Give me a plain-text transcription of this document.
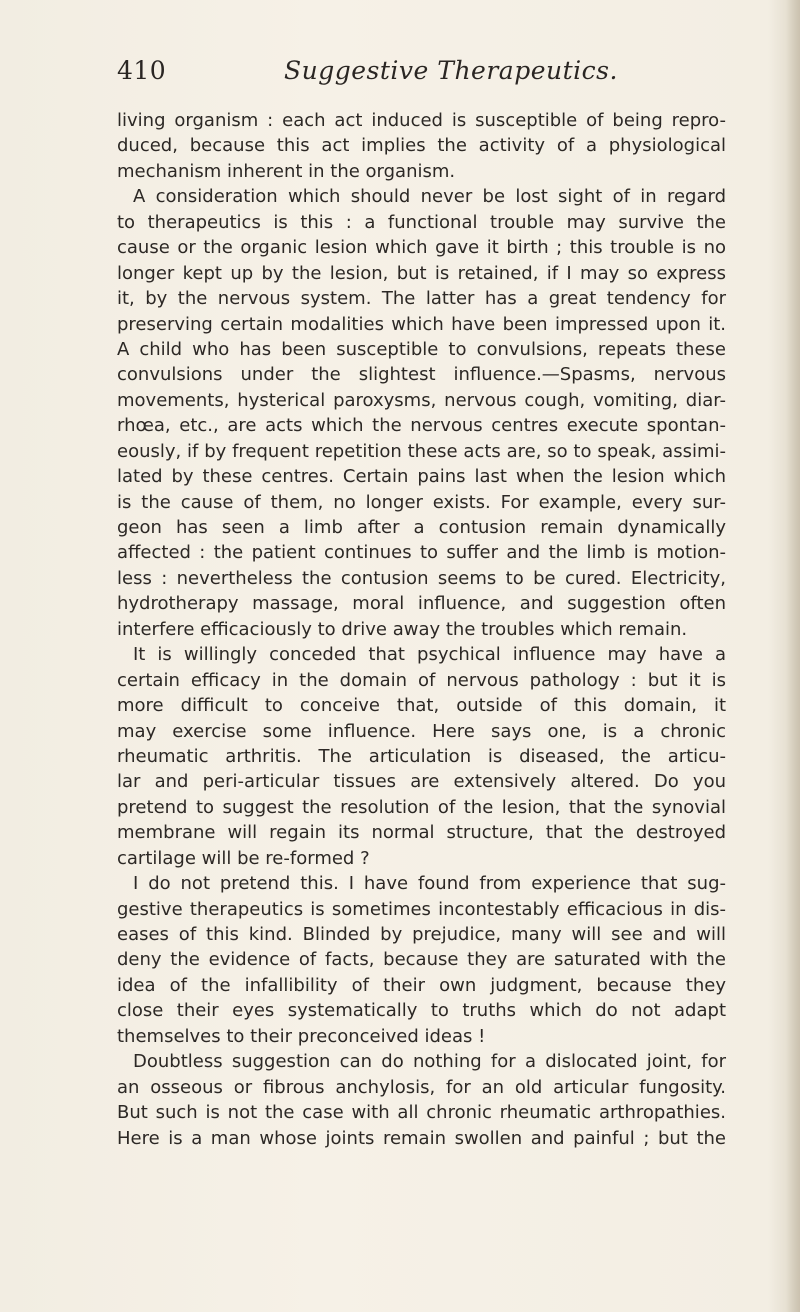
410	Suggestive Therapeutics.
living organism : each act induced is susceptible of being repro-
duced, because this act implies the activity of a physiological
mechanism inherent in the organism.
A consideration which should never be lost sight of in regard
to therapeutics is this : a functional trouble may survive the
cause or the organic lesion which gave it birth ; this trouble is no
longer kept up by the lesion, but is retained, if I may so express
it, by the nervous system. The latter has a great tendency for
preserving certain modalities which have been impressed upon it.
A child who has been susceptible to convulsions, repeats these
convulsions under the slightest influence.—Spasms, nervous
movements, hysterical paroxysms, nervous cough, vomiting, diar-
rhœa, etc., are acts which the nervous centres execute spontan-
eously, if by frequent repetition these acts are, so to speak, assimi-
lated by these centres. Certain pains last when the lesion which
is the cause of them, no longer exists. For example, every sur-
geon has seen a limb after a contusion remain dynamically
affected : the patient continues to suffer and the limb is motion-
less : nevertheless the contusion seems to be cured. Electricity,
hydrotherapy massage, moral influence, and suggestion often
interfere efficaciously to drive away the troubles which remain.
It is willingly conceded that psychical influence may have a
certain efficacy in the domain of nervous pathology : but it is
more difficult to conceive that, outside of this domain, it
may exercise some influence. Here says one, is a chronic
rheumatic arthritis. The articulation is diseased, the articu-
lar and peri-articular tissues are extensively altered. Do you
pretend to suggest the resolution of the lesion, that the synovial
membrane will regain its normal structure, that the destroyed
cartilage will be re-formed ?
I do not pretend this. I have found from experience that sug-
gestive therapeutics is sometimes incontestably efficacious in dis-
eases of this kind. Blinded by prejudice, many will see and will
deny the evidence of facts, because they are saturated with the
idea of the infallibility of their own judgment, because they
close their eyes systematically to truths which do not adapt
themselves to their preconceived ideas !
Doubtless suggestion can do nothing for a dislocated joint, for
an osseous or fibrous anchylosis, for an old articular fungosity.
But such is not the case with all chronic rheumatic arthropathies.
Here is a man whose joints remain swollen and painful ; but the
